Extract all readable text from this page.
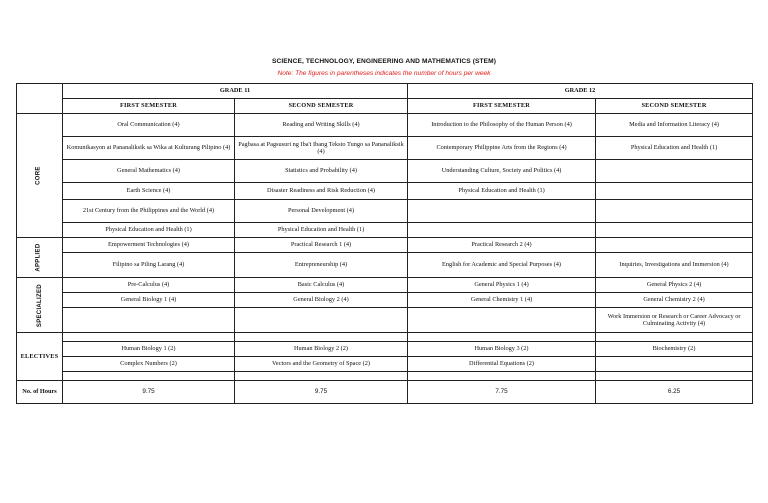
SCIENCE, TECHNOLOGY, ENGINEERING AND MATHEMATICS (STEM)
Note: The figures in parentheses indicates the number of hours per week
	GRADE 11		GRADE 12	
	FIRST SEMESTER	SECOND SEMESTER	FIRST SEMESTER	SECOND SEMESTER
CORE	Oral Communication (4)	Reading and Writing Skills (4)	Introduction to the Philosophy of the Human Person (4)	Media and Information Literacy (4)
	Komunikasyon at Pananaliksik sa Wika at Kulturang Pilipino (4)	Pagbasa at Pagsusuri ng Iba't Ibang Teksto Tungo sa Pananaliksik (4)	Contemporary Philippine Arts from the Regions (4)	Physical Education and Health (1)
	General Mathematics (4)	Statistics and Probability (4)	Understanding Culture, Society and Politics (4)	
	Earth Science (4)	Disaster Readiness and Risk Reduction (4)	Physical Education and Health (1)	
	21st Century from the Philippines and the World (4)	Personal Development (4)		
	Physical Education and Health (1)	Physical Education and Health (1)		
APPLIED	Empowerment Technologies (4)	Practical Research 1 (4)	Practical Research 2 (4)	
	Filipino sa Piling Larang (4)	Entrepreneurship (4)	English for Academic and Special Purposes (4)	Inquiries, Investigations and Immersion (4)
SPECIALIZED	Pre-Calculus (4)	Basic Calculus (4)	General Physics 1 (4)	General Physics 2 (4)
	General Biology 1 (4)	General Biology 2 (4)	General Chemistry 1 (4)	General Chemistry 2 (4)
				Work Immersion or Research or Career Advocacy or Culminating Activity (4)
ELECTIVES				
	Human Biology 1 (2)	Human Biology 2 (2)	Human Biology 3 (2)	Biochemistry (2)
	Complex Numbers (2)	Vectors and the Geometry of Space (2)	Differential Equations (2)	

No. of Hours	9.75	9.75	7.75	6.25
